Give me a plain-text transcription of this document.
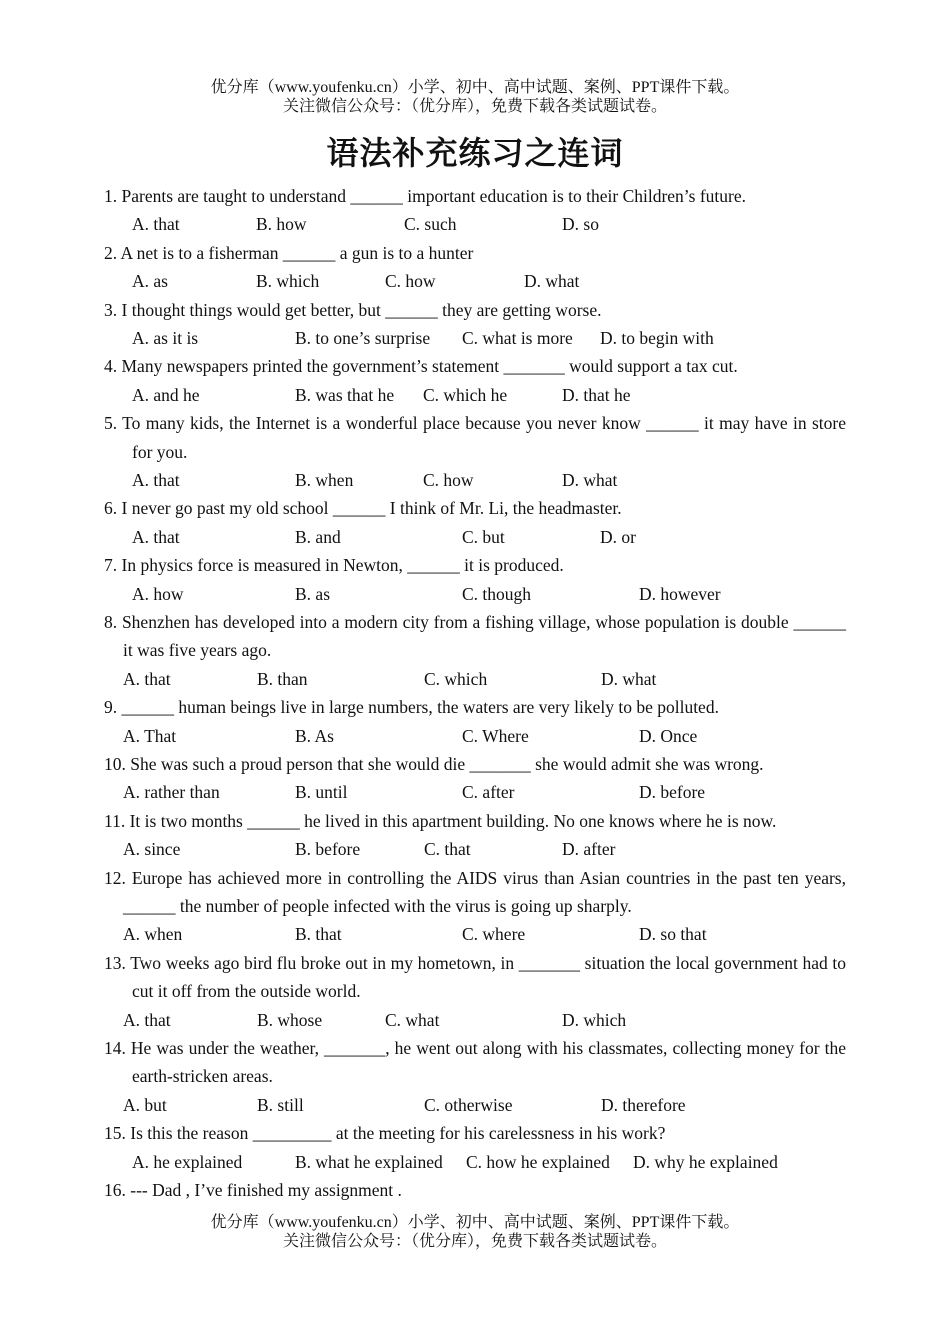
优分库（www.youfenku.cn）小学、初中、高中试题、案例、PPT课件下载。
关注微信公众号：（优分库），免费下载各类试题试卷。
语法补充练习之连词
1. Parents are taught to understand ______ important education is to their Children’s future.
A. that	B. how	C. such	D. so
2. A net is to a fisherman ______ a gun is to a hunter
A. as	B. which	C. how	D. what
3. I thought things would get better, but ______ they are getting worse.
A. as it is	B. to one’s surprise C. what is more D. to begin with
4. Many newspapers printed the government’s statement _______ would support a tax cut.
A. and he	B. was that he C. which he	D. that he
5. To many kids, the Internet is a wonderful place because you never know ______ it may have in store for you.
A. that	B. when	C. how	D. what
6. I never go past my old school ______ I think of Mr. Li, the headmaster.
A. that	B. and	C. but	D. or
7. In physics force is measured in Newton, ______ it is produced.
A. how	B. as	C. though	D. however
8. Shenzhen has developed into a modern city from a fishing village, whose population is double ______ it was five years ago.
A. that	B. than	C. which	D. what
9. ______ human beings live in large numbers, the waters are very likely to be polluted.
A. That	B. As	C. Where	D. Once
10. She was such a proud person that she would die _______ she would admit she was wrong.
A. rather than	B. until	C. after	D. before
11. It is two months ______ he lived in this apartment building. No one knows where he is now.
A. since	B. before	C. that	D. after
12. Europe has achieved more in controlling the AIDS virus than Asian countries in the past ten years, ______ the number of people infected with the virus is going up sharply.
A. when	B. that	C. where	D. so that
13. Two weeks ago bird flu broke out in my hometown, in _______ situation the local government had to cut it off from the outside world.
A. that	B. whose	C. what	D. which
14. He was under the weather, _______, he went out along with his classmates, collecting money for the earth-stricken areas.
A. but	B. still	C. otherwise	D. therefore
15. Is this the reason _________ at the meeting for his carelessness in his work?
A. he explained	B. what he explained C. how he explained D. why he explained
16. --- Dad , I’ve finished my assignment .
优分库（www.youfenku.cn）小学、初中、高中试题、案例、PPT课件下载。
关注微信公众号：（优分库），免费下载各类试题试卷。
